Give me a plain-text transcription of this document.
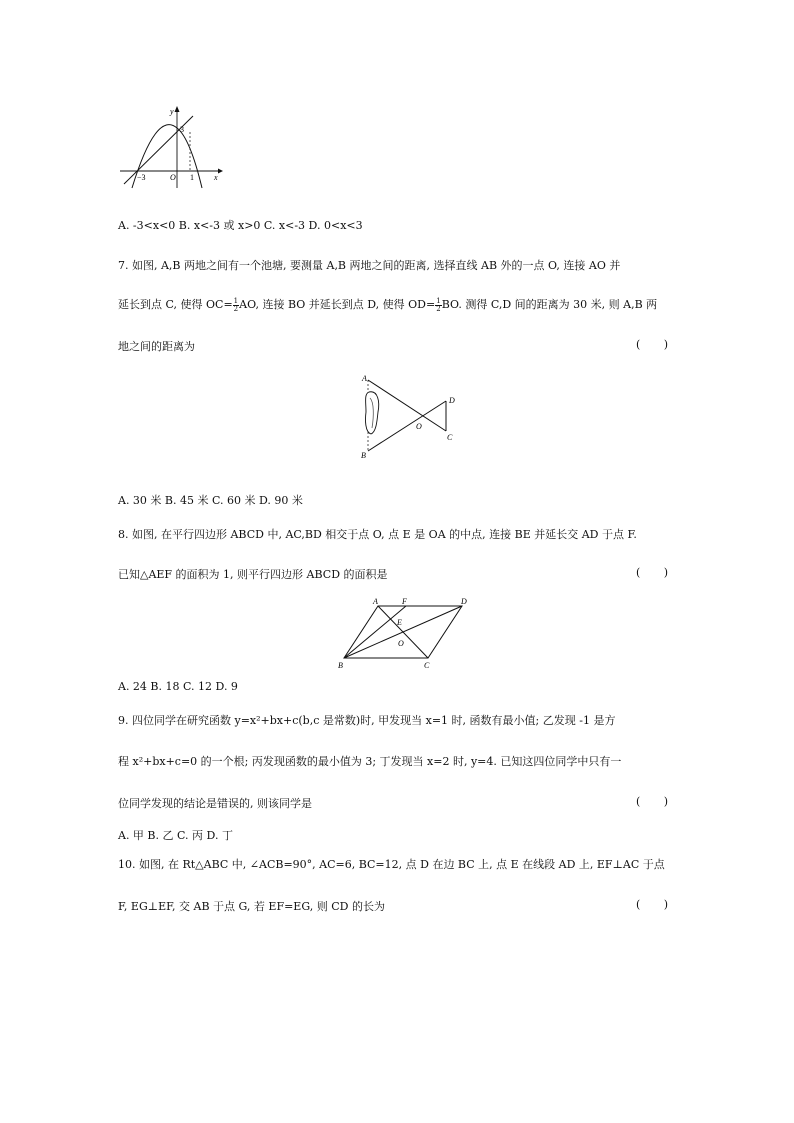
y
x
O
−3	1
3
A. -3<x<0 B. x<-3 或 x>0 C. x<-3 D. 0<x<3
7. 如图, A,B 两地之间有一个池塘, 要测量 A,B 两地之间的距离, 选择直线 AB 外的一点 O, 连接 AO 并
延长到点 C, 使得 $OC= \frac{1}{2}$ AO, 连接 BO 并延长到点 D, 使得 $OD= \frac{1}{2}$ BO. 测得 C,D 间的距离为 30 米, 则 A,B 两
地之间的距离为	( )
A
B
O
D
C
A. 30 米 B. 45 米 C. 60 米 D. 90 米
8. 如图, 在平行四边形 ABCD 中, AC,BD 相交于点 O, 点 E 是 OA 的中点, 连接 BE 并延长交 AD 于点 F.
已知△AEF 的面积为 1, 则平行四边形 ABCD 的面积是	( )
A	F	D
E
O
B	C
A. 24 B. 18 C. 12 D. 9
9. 四位同学在研究函数 y=x²+bx+c(b,c 是常数)时, 甲发现当 x=1 时, 函数有最小值; 乙发现 -1 是方
程 x²+bx+c=0 的一个根; 丙发现函数的最小值为 3; 丁发现当 x=2 时, y=4. 已知这四位同学中只有一
位同学发现的结论是错误的, 则该同学是	( )
A. 甲 B. 乙 C. 丙 D. 丁
10. 如图, 在 Rt△ABC 中, ∠ACB=90°, AC=6, BC=12, 点 D 在边 BC 上, 点 E 在线段 AD 上, EF⊥AC 于点
F, EG⊥EF, 交 AB 于点 G, 若 EF=EG, 则 CD 的长为	( )
